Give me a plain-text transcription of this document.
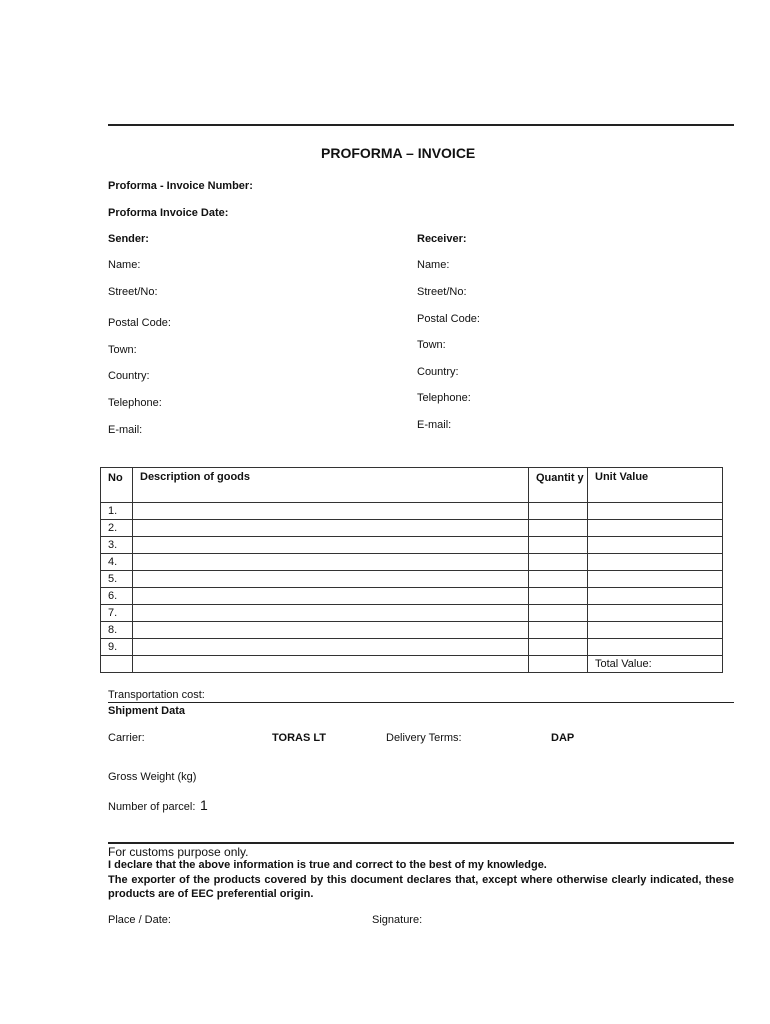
PROFORMA – INVOICE
Proforma - Invoice Number:
Proforma Invoice Date:
Sender:
Name:
Street/No:
Postal Code:
Town:
Country:
Telephone:
E-mail:
Receiver:
Name:
Street/No:
Postal Code:
Town:
Country:
Telephone:
E-mail:
No	Description of goods	Quantit y	Unit Value
1.			
2.			
3.			
4.			
5.			
6.			
7.			
8.			
9.			
			Total Value:
Transportation cost:
Shipment Data
Carrier:	TORAS LT	Delivery Terms:	DAP
Gross Weight (kg)
Number of parcel: 1
For customs purpose only.
I declare that the above information is true and correct to the best of my knowledge.
The exporter of the products covered by this document declares that, except where otherwise clearly indicated, these products are of EEC preferential origin.
Place / Date:	Signature:
